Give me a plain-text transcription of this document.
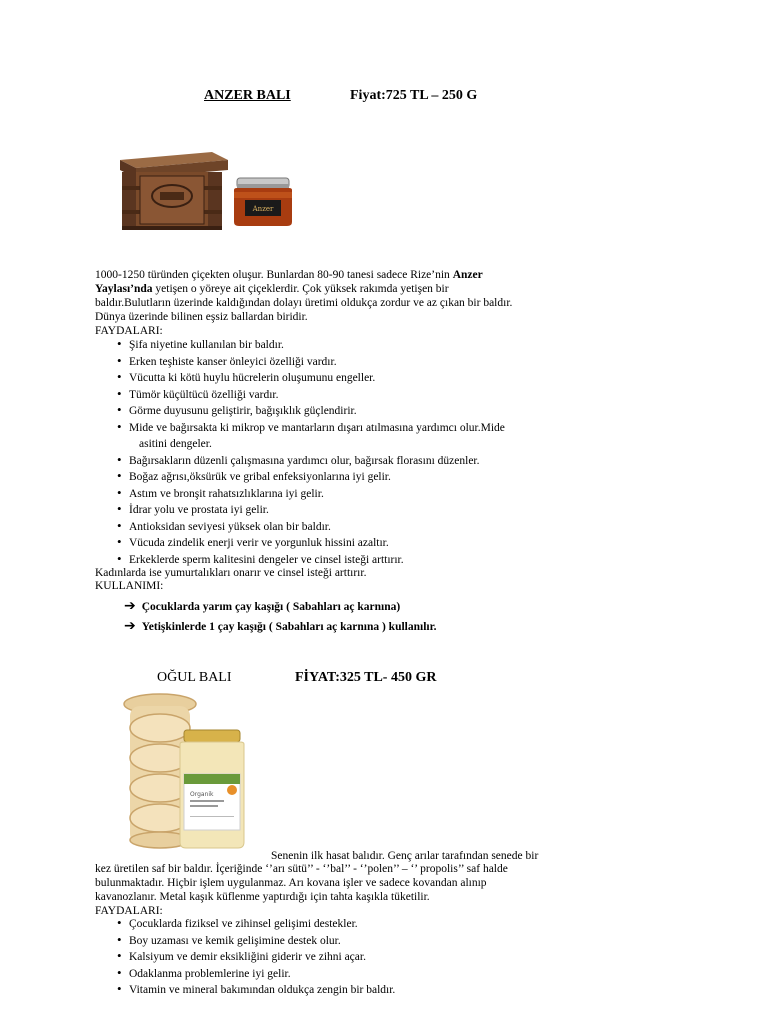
ANZER BALI	Fiyat:725 TL – 250 G
Anzer
1000-1250 türünden çiçekten oluşur. Bunlardan 80-90 tanesi sadece Rize’nin Anzer
Yaylası’nda yetişen o yöreye ait çiçeklerdir. Çok yüksek rakımda yetişen bir
baldır.Bulutların üzerinde kaldığından dolayı üretimi oldukça zordur ve az çıkan bir baldır.
Dünya üzerinde bilinen eşsiz ballardan biridir.
FAYDALARI:
• Şifa niyetine kullanılan bir baldır.
• Erken teşhiste kanser önleyici özelliği vardır.
• Vücutta ki kötü huylu hücrelerin oluşumunu engeller.
• Tümör küçültücü özelliği vardır.
• Görme duyusunu geliştirir, bağışıklık güçlendirir.
• Mide ve bağırsakta ki mikrop ve mantarların dışarı atılmasına yardımcı olur.Mide
asitini dengeler.
• Bağırsakların düzenli çalışmasına yardımcı olur, bağırsak florasını düzenler.
• Boğaz ağrısı,öksürük ve gribal enfeksiyonlarına iyi gelir.
• Astım ve bronşit rahatsızlıklarına iyi gelir.
• İdrar yolu ve prostata iyi gelir.
• Antioksidan seviyesi yüksek olan bir baldır.
• Vücuda zindelik enerji verir ve yorgunluk hissini azaltır.
• Erkeklerde sperm kalitesini dengeler ve cinsel isteği arttırır.
Kadınlarda ise yumurtalıkları onarır ve cinsel isteği arttırır.
KULLANIMI:
➔ Çocuklarda yarım çay kaşığı ( Sabahları aç karnına)
➔ Yetişkinlerde 1 çay kaşığı ( Sabahları aç karnına ) kullanılır.
OĞUL BALI	FİYAT:325 TL- 450 GR
Organik
Senenin ilk hasat balıdır. Genç arılar tarafından senede bir
kez üretilen saf bir baldır. İçeriğinde ‘’arı sütü’’ - ‘’bal’’ - ‘’polen’’ – ‘’ propolis’’ saf halde
bulunmaktadır. Hiçbir işlem uygulanmaz. Arı kovana işler ve sadece kovandan alınıp
kavanozlanır. Metal kaşık küflenme yaptırdığı için tahta kaşıkla tüketilir.
FAYDALARI:
• Çocuklarda fiziksel ve zihinsel gelişimi destekler.
• Boy uzaması ve kemik gelişimine destek olur.
• Kalsiyum ve demir eksikliğini giderir ve zihni açar.
• Odaklanma problemlerine iyi gelir.
• Vitamin ve mineral bakımından oldukça zengin bir baldır.
